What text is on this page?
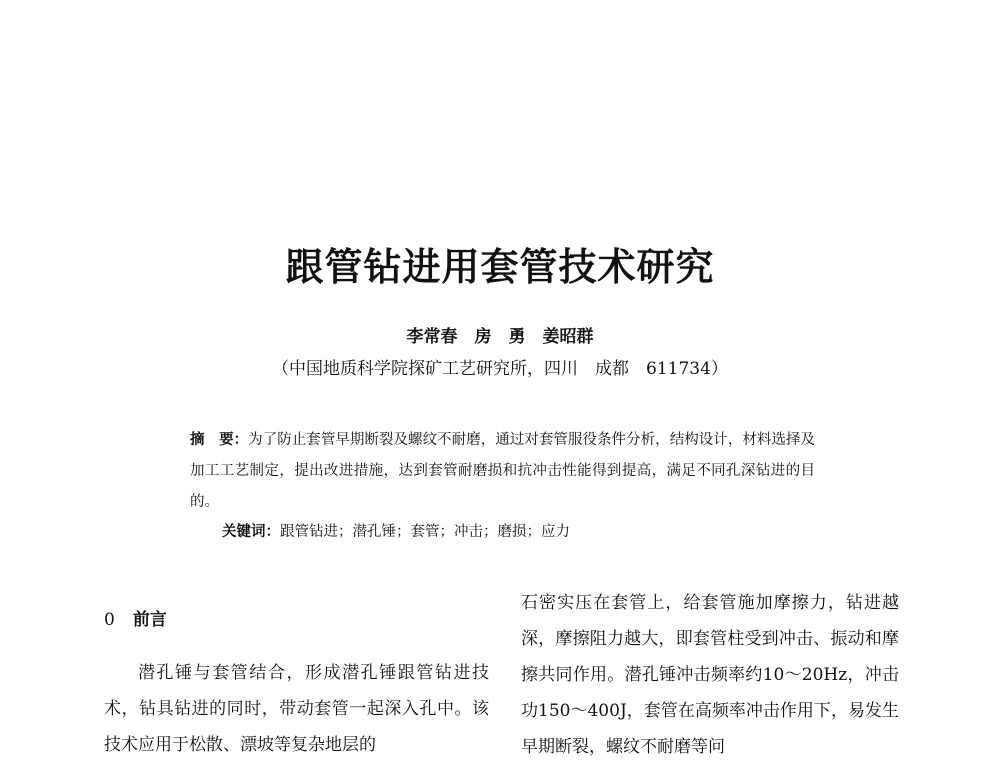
跟管钻进用套管技术研究
李常春　房　勇　姜昭群
（中国地质科学院探矿工艺研究所，四川　成都　611734）
摘　要：为了防止套管早期断裂及螺纹不耐磨，通过对套管服役条件分析，结构设计，材料选择及加工工艺制定，提出改进措施，达到套管耐磨损和抗冲击性能得到提高，满足不同孔深钻进的目的。
关键词：跟管钻进；潜孔锤；套管；冲击；磨损；应力
0 前言
潜孔锤与套管结合，形成潜孔锤跟管钻进技术，钻具钻进的同时，带动套管一起深入孔中。该技术应用于松散、漂坡等复杂地层的
石密实压在套管上，给套管施加摩擦力，钻进越深，摩擦阻力越大，即套管柱受到冲击、振动和摩擦共同作用。潜孔锤冲击频率约10～20Hz，冲击功150～400J，套管在高频率冲击作用下，易发生早期断裂，螺纹不耐磨等问
